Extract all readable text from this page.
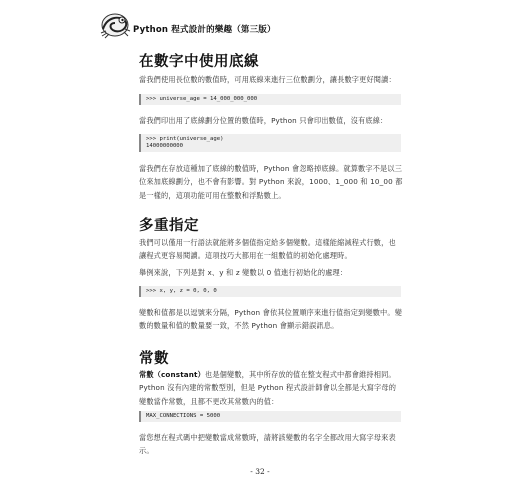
Python 程式設計的樂趣（第三版）
在數字中使用底線

當我們使用長位數的數值時，可用底線來進行三位數劃分，讓長數字更好閱讀：

>>> universe_age = 14_000_000_000

當我們印出用了底線劃分位置的數值時，Python 只會印出數值，沒有底線：

>>> print(universe_age)
14000000000

當我們在存放這種加了底線的數值時，Python 會忽略掉底線。就算數字不是以三位來加底線劃分，也不會有影響。對 Python 來說，1000、1_000 和 10_00 都是一樣的，這項功能可用在整數和浮點數上。

多重指定

我們可以僅用一行語法就能將多個值指定給多個變數。這樣能縮減程式行數，也讓程式更容易閱讀。這項技巧大都用在一組數值的初始化處理時。

舉例來說，下列是對 x、y 和 z 變數以 0 值進行初始化的處理：

>>> x, y, z = 0, 0, 0

變數和值都是以逗號來分隔，Python 會依其位置順序來進行值指定到變數中。變數的數量和值的數量要一致，不然 Python 會顯示錯誤訊息。

常數

常數（constant）也是個變數，其中所存放的值在整支程式中都會維持相同。Python 沒有內建的常數型別，但是 Python 程式設計師會以全都是大寫字母的變數當作常數，且都不更改其常數內的值：

MAX_CONNECTIONS = 5000

當您想在程式碼中把變數當成常數時，請將該變數的名字全都改用大寫字母來表示。

- 32 -
